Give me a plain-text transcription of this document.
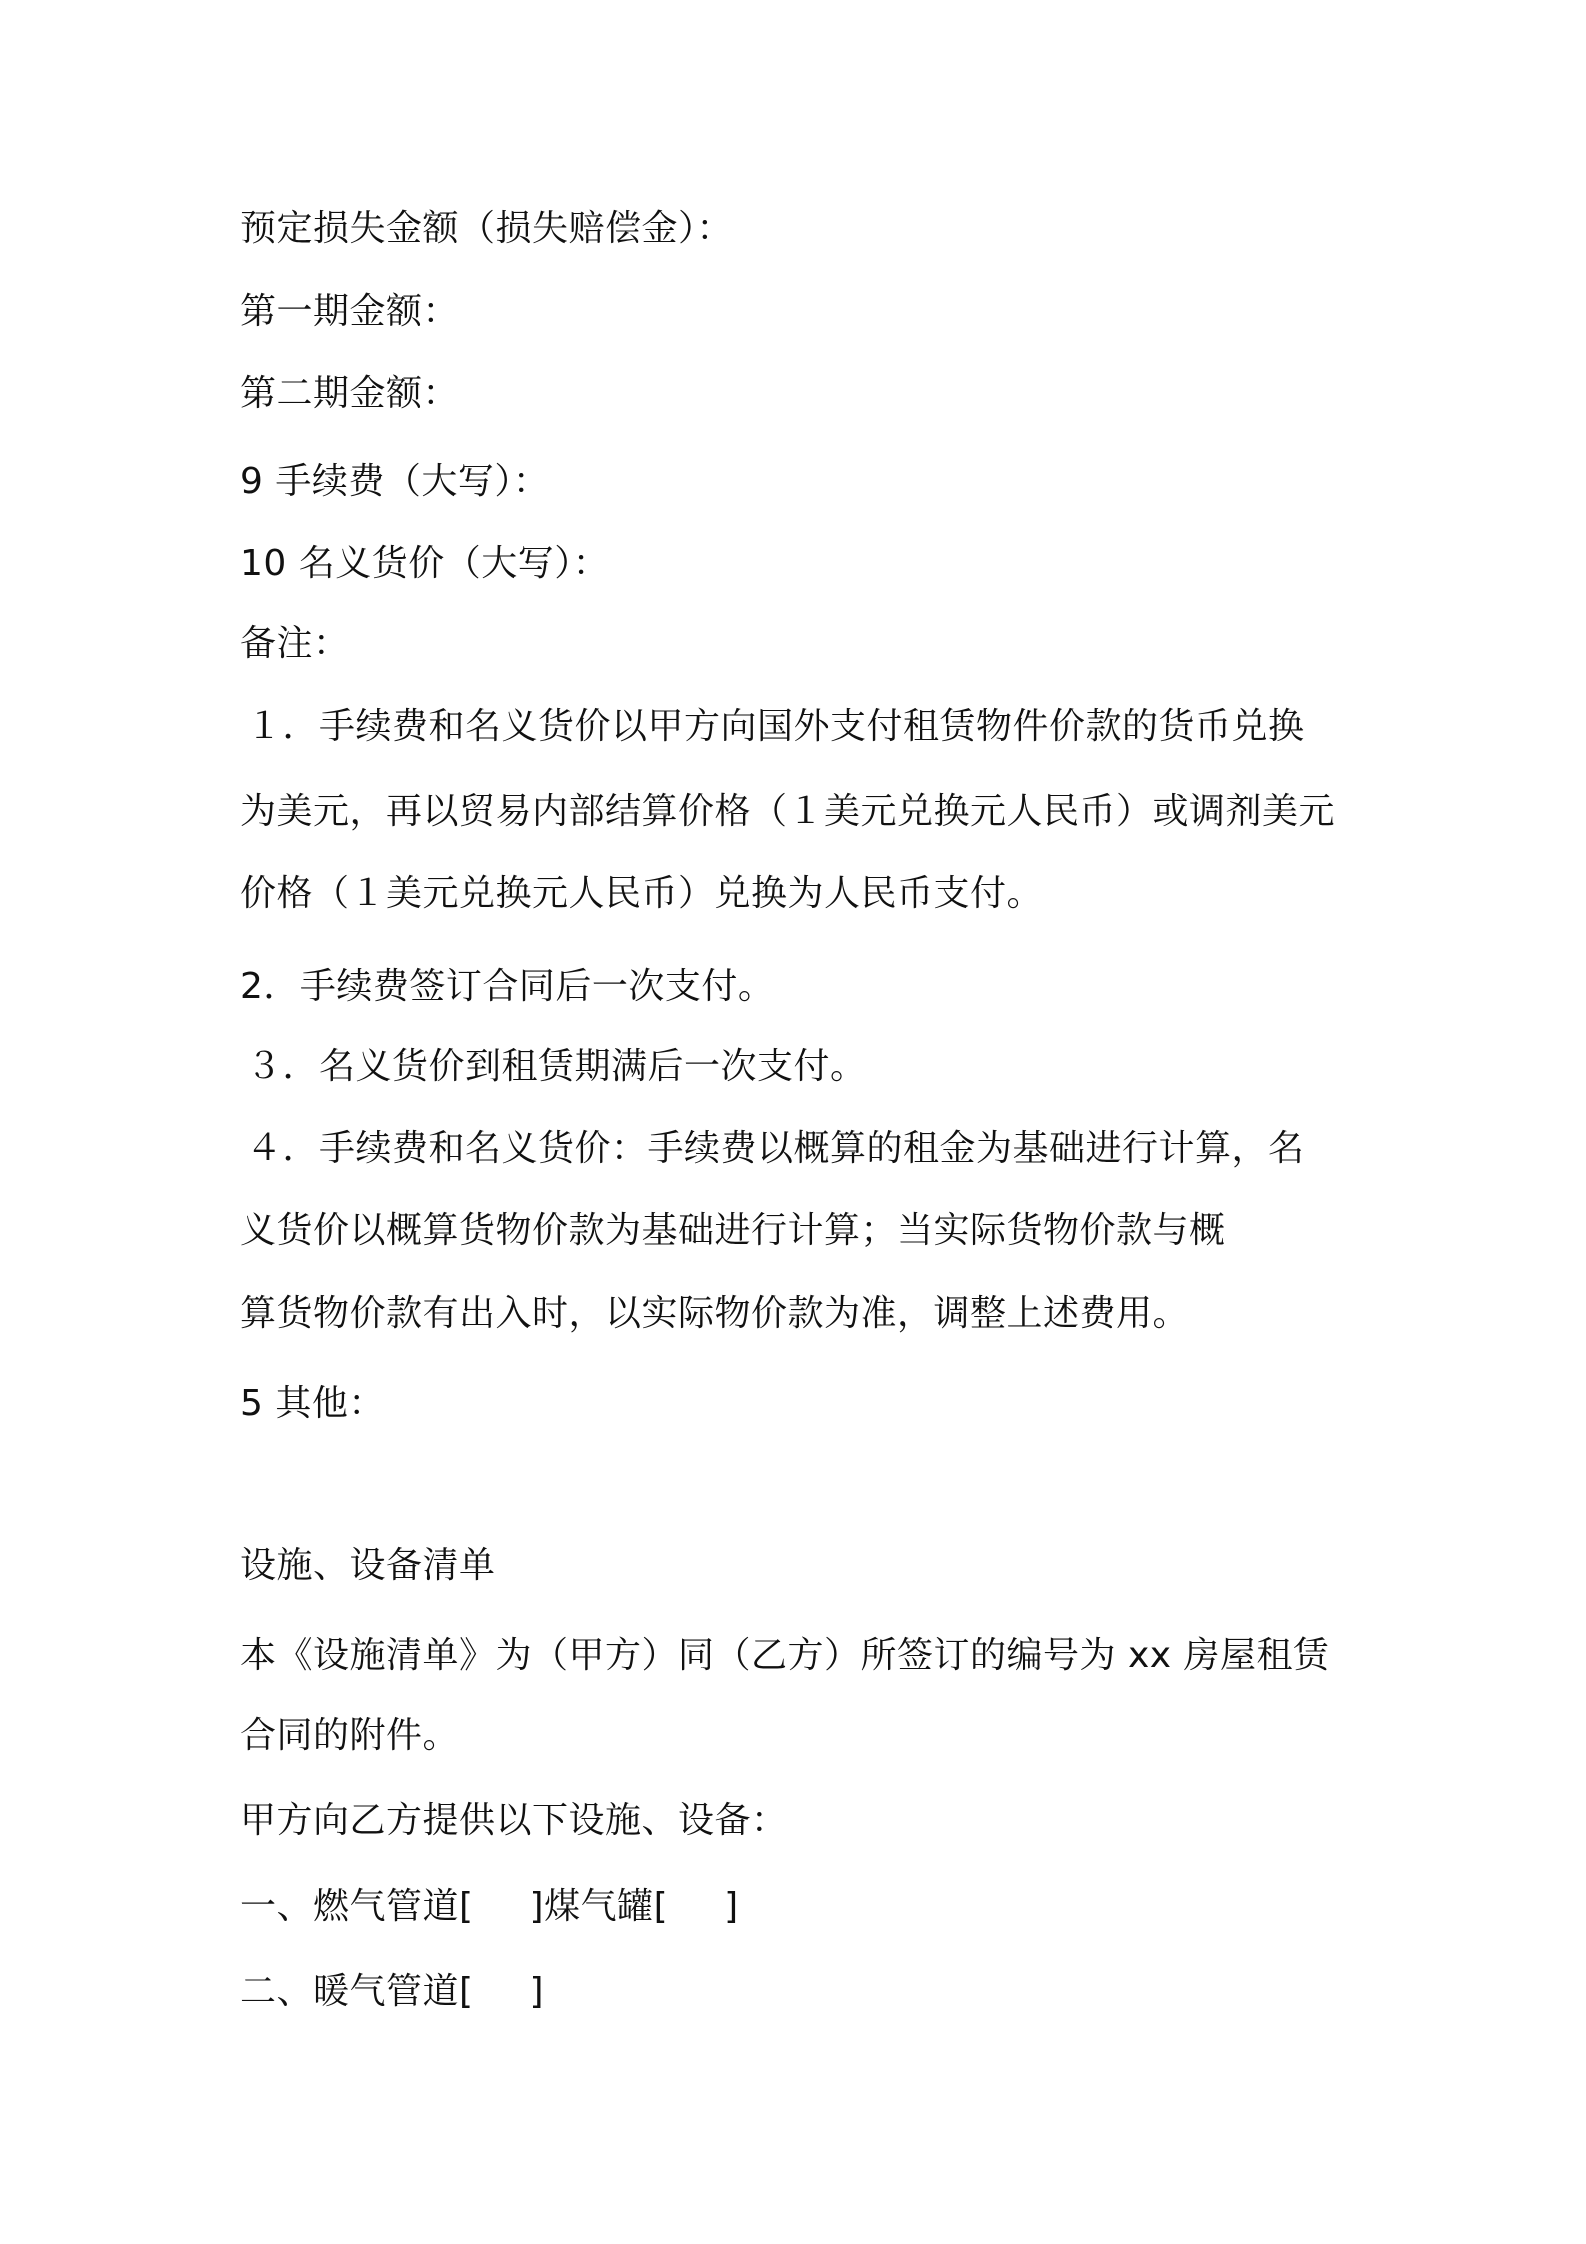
预定损失金额（损失赔偿金）：
第一期金额：
第二期金额：
9 手续费（大写）：
10 名义货价（大写）：
备注：
１．手续费和名义货价以甲方向国外支付租赁物件价款的货币兑换
为美元，再以贸易内部结算价格（１美元兑换元人民币）或调剂美元
价格（１美元兑换元人民币）兑换为人民币支付。
2．手续费签订合同后一次支付。
３．名义货价到租赁期满后一次支付。
４．手续费和名义货价：手续费以概算的租金为基础进行计算，名
义货价以概算货物价款为基础进行计算；当实际货物价款与概
算货物价款有出入时，以实际物价款为准，调整上述费用。
5 其他：
设施、设备清单
本《设施清单》为（甲方）同（乙方）所签订的编号为 xx 房屋租赁
合同的附件。
甲方向乙方提供以下设施、设备：
一、燃气管道[ ]煤气罐[ ]
二、暖气管道[ ]
